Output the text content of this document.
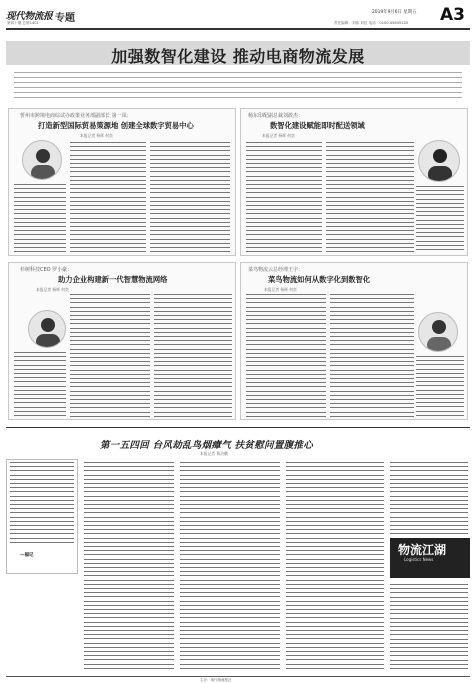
现代物流报
第四十期 总第1401 专题
2019年9月6日 星期五 A3
责任编辑：刘伟 刘佳 电话：0100-45645120
加强数智化建设 推动电商物流发展
忻州市跨境电商综试办政策业务部副部长 第一凤：
打造新型国际贸易策源地 创建全球数字贸易中心
本报记者 杨晖 何奕
杨东印配副总裁刘敢杰：
数智化建设赋能即时配送领域
本报记者 杨晖 何奕
杉树科技CEO 罗小豪：
助力企业构建新一代智慧物流网络
本报记者 杨晖 何奕
菜鸟物流云总经理王宇：
菜鸟物流如何从数字化到数智化
本报记者 杨晖 何奕
第一五四回 台风劫乱鸟烟瘴气 扶贫慰问置腹推心
本报记者 曹治鹏
—福记	物流江湖
Logistics News
主办：现代物流报社
